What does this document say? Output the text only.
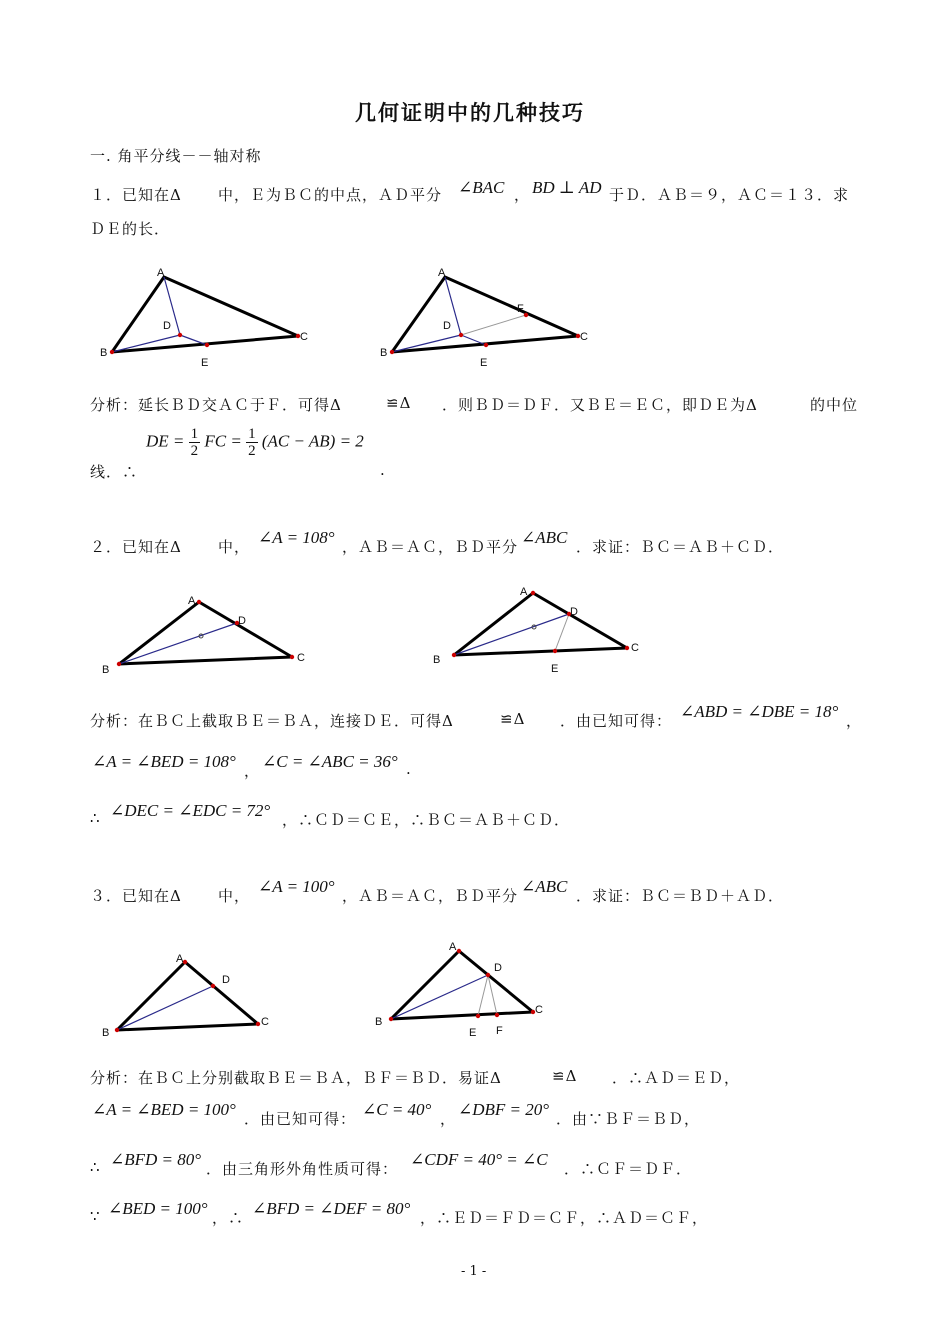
几何证明中的几种技巧
一. 角平分线－－轴对称
１．已知在Δ 中，Ｅ为ＢＣ的中点，ＡＤ平分 ∠BAC ， BD ⊥ AD 于Ｄ．ＡＢ＝９，ＡＣ＝１３．求
ＤＥ的长．
A
D
B
C
E
A
D
F
B
C
E
A
D
B
C
A
D
B
C
E
A
D
B
C
A
D
B
C
E F
分析：延长ＢＤ交ＡＣ于Ｆ．可得Δ	≌Δ ．则ＢＤ＝ＤＦ．又ＢＥ＝ＥＣ，即ＤＥ为Δ	的中位
线．∴
DE = $\frac{1}{2}$ FC = $\frac{1}{2} (AC - AB) = 2$
.
２．已知在Δ 中， ∠A = 108° ，ＡＢ＝ＡＣ，ＢＤ平分 ∠ABC ．求证：ＢＣ＝ＡＢ＋ＣＤ．
分析：在ＢＣ上截取ＢＥ＝ＢＡ，连接ＤＥ．可得Δ	≌Δ ．由已知可得： ∠ABD = ∠DBE = 18° ，
∠A = ∠BED = 108° ， ∠C = ∠ABC = 36° .
∴ ∠DEC = ∠EDC = 72° ，∴ＣＤ＝ＣＥ，∴ＢＣ＝ＡＢ＋ＣＤ．
３．已知在Δ 中， ∠A = 100° ，ＡＢ＝ＡＣ，ＢＤ平分 ∠ABC ．求证：ＢＣ＝ＢＤ＋ＡＤ．
分析：在ＢＣ上分别截取ＢＥ＝ＢＡ，ＢＦ＝ＢＤ．易证Δ	≌Δ ．∴ＡＤ＝ＥＤ，
∠A = ∠BED = 100° ．由已知可得： ∠C = 40° ， ∠DBF = 20° ．由∵ＢＦ＝ＢＤ，
∴ ∠BFD = 80° ．由三角形外角性质可得： ∠CDF = 40° = ∠C ．∴ＣＦ＝ＤＦ．
∵ ∠BED = 100° ，∴ ∠BFD = ∠DEF = 80° ，∴ＥＤ＝ＦＤ＝ＣＦ，∴ＡＤ＝ＣＦ，
- 1 -
